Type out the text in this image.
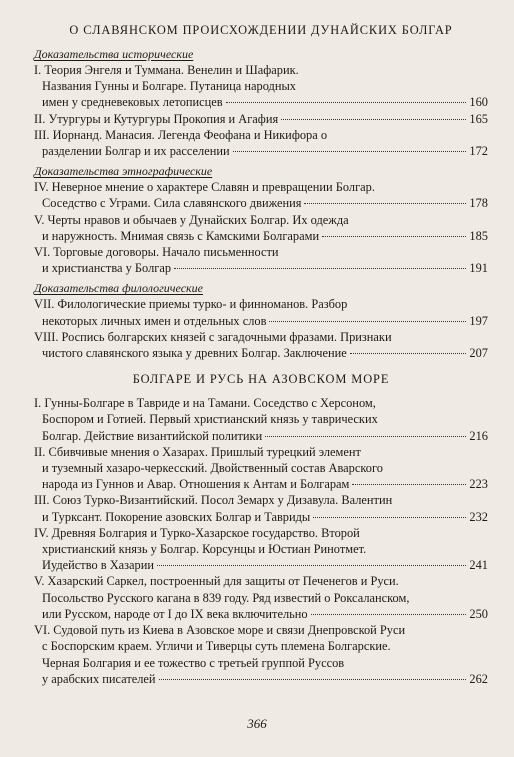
О СЛАВЯНСКОМ ПРОИСХОЖДЕНИИ ДУНАЙСКИХ БОЛГАР
Доказательства исторические
I. Теория Энгеля и Туммана. Венелин и Шафарик.
Названия Гунны и Болгаре. Путаница народных
имен у средневековых летописцев	160
II. Утургуры и Кутургуры Прокопия и Агафия	165
III. Иорнанд. Манасия. Легенда Феофана и Никифора о
разделении Болгар и их расселении	172
Доказательства этнографические
IV. Неверное мнение о характере Славян и превращении Болгар.
Соседство с Уграми. Сила славянского движения	178
V. Черты нравов и обычаев у Дунайских Болгар. Их одежда
и наружность. Мнимая связь с Камскими Болгарами	185
VI. Торговые договоры. Начало письменности
и христианства у Болгар	191
Доказательства филологические
VII. Филологические приемы турко- и финноманов. Разбор
некоторых личных имен и отдельных слов	197
VIII. Роспись болгарских князей с загадочными фразами. Признаки
чистого славянского языка у древних Болгар. Заключение	207
БОЛГАРЕ И РУСЬ НА АЗОВСКОМ МОРЕ
I. Гунны-Болгаре в Тавриде и на Тамани. Соседство с Херсоном,
Боспором и Готией. Первый христианский князь у таврических
Болгар. Действие византийской политики	216
II. Сбивчивые мнения о Хазарах. Пришлый турецкий элемент
и туземный хазаро-черкесский. Двойственный состав Аварского
народа из Гуннов и Авар. Отношения к Антам и Болгарам	223
III. Союз Турко-Византийский. Посол Земарх у Дизавула. Валентин
и Турксант. Покорение азовских Болгар и Тавриды	232
IV. Древняя Болгария и Турко-Хазарское государство. Второй
христианский князь у Болгар. Корсунцы и Юстиан Ринотмет.
Иудейство в Хазарии	241
V. Хазарский Саркел, построенный для защиты от Печенегов и Руси.
Посольство Русского кагана в 839 году. Ряд известий о Роксаланском,
или Русском, народе от I до IX века включительно	250
VI. Судовой путь из Киева в Азовское море и связи Днепровской Руси
с Боспорским краем. Угличи и Тиверцы суть племена Болгарские.
Черная Болгария и ее тожество с третьей группой Руссов
у арабских писателей	262
366
